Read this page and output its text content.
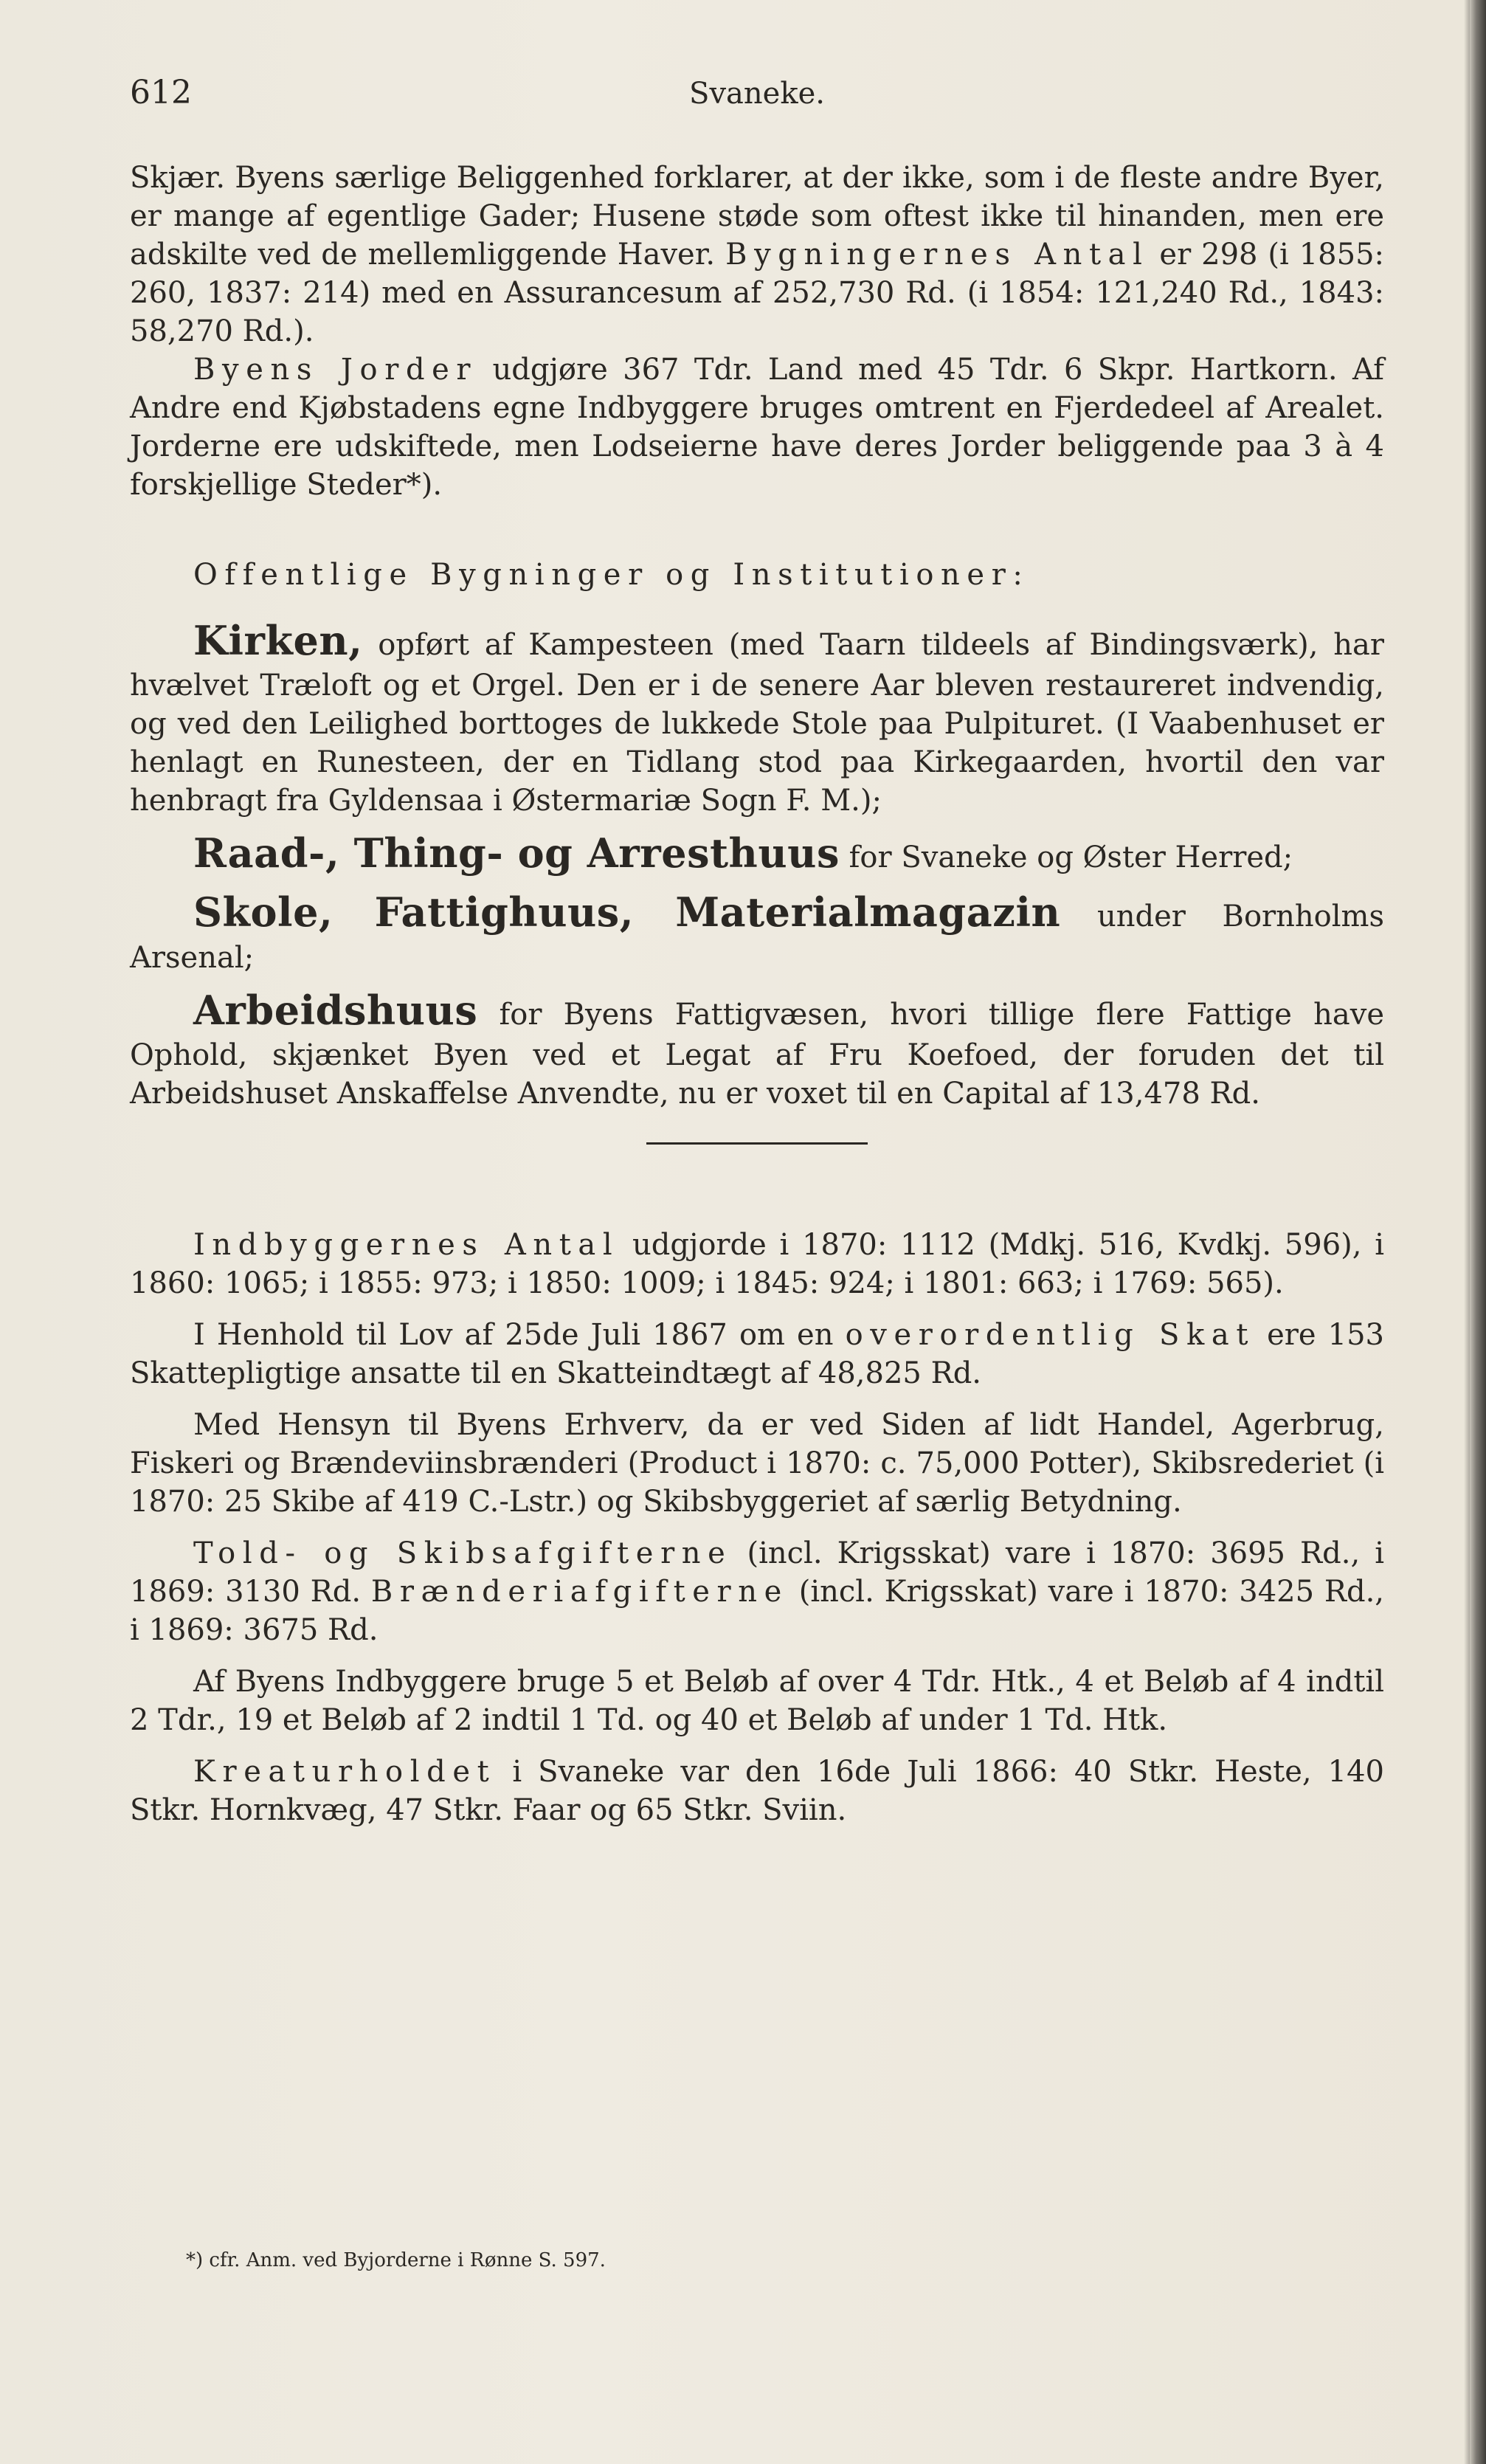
612	Svaneke.

Skjær. Byens særlige Beliggenhed forklarer, at der ikke, som i de fleste andre Byer, er mange af egentlige Gader; Husene støde som oftest ikke til hinanden, men ere adskilte ved de mellemliggende Haver. Bygningernes Antal er 298 (i 1855: 260, 1837: 214) med en Assurancesum af 252,730 Rd. (i 1854: 121,240 Rd., 1843: 58,270 Rd.).

Byens Jorder udgjøre 367 Tdr. Land med 45 Tdr. 6 Skpr. Hartkorn. Af Andre end Kjøbstadens egne Indbyggere bruges omtrent en Fjerdedeel af Arealet. Jorderne ere udskiftede, men Lodseierne have deres Jorder beliggende paa 3 à 4 forskjellige Steder*).

Offentlige Bygninger og Institutioner:

Kirken, opført af Kampesteen (med Taarn tildeels af Bindingsværk), har hvælvet Træloft og et Orgel. Den er i de senere Aar bleven restaureret indvendig, og ved den Leilighed borttoges de lukkede Stole paa Pulpituret. (I Vaabenhuset er henlagt en Runesteen, der en Tidlang stod paa Kirkegaarden, hvortil den var henbragt fra Gyldensaa i Østermariæ Sogn F. M.);

Raad-, Thing- og Arresthuus for Svaneke og Øster Herred;

Skole, Fattighuus, Materialmagazin under Bornholms Arsenal;

Arbeidshuus for Byens Fattigvæsen, hvori tillige flere Fattige have Ophold, skjænket Byen ved et Legat af Fru Koefoed, der foruden det til Arbeidshuset Anskaffelse Anvendte, nu er voxet til en Capital af 13,478 Rd.

Indbyggernes Antal udgjorde i 1870: 1112 (Mdkj. 516, Kvdkj. 596), i 1860: 1065; i 1855: 973; i 1850: 1009; i 1845: 924; i 1801: 663; i 1769: 565).

I Henhold til Lov af 25de Juli 1867 om en overordentlig Skat ere 153 Skattepligtige ansatte til en Skatteindtægt af 48,825 Rd.

Med Hensyn til Byens Erhverv, da er ved Siden af lidt Handel, Agerbrug, Fiskeri og Brændeviinsbrænderi (Product i 1870: c. 75,000 Potter), Skibsrederiet (i 1870: 25 Skibe af 419 C.-Lstr.) og Skibsbyggeriet af særlig Betydning.

Told- og Skibsafgifterne (incl. Krigsskat) vare i 1870: 3695 Rd., i 1869: 3130 Rd. Brænderiafgifterne (incl. Krigsskat) vare i 1870: 3425 Rd., i 1869: 3675 Rd.

Af Byens Indbyggere bruge 5 et Beløb af over 4 Tdr. Htk., 4 et Beløb af 4 indtil 2 Tdr., 19 et Beløb af 2 indtil 1 Td. og 40 et Beløb af under 1 Td. Htk.

Kreaturholdet i Svaneke var den 16de Juli 1866: 40 Stkr. Heste, 140 Stkr. Hornkvæg, 47 Stkr. Faar og 65 Stkr. Sviin.

*) cfr. Anm. ved Byjorderne i Rønne S. 597.
